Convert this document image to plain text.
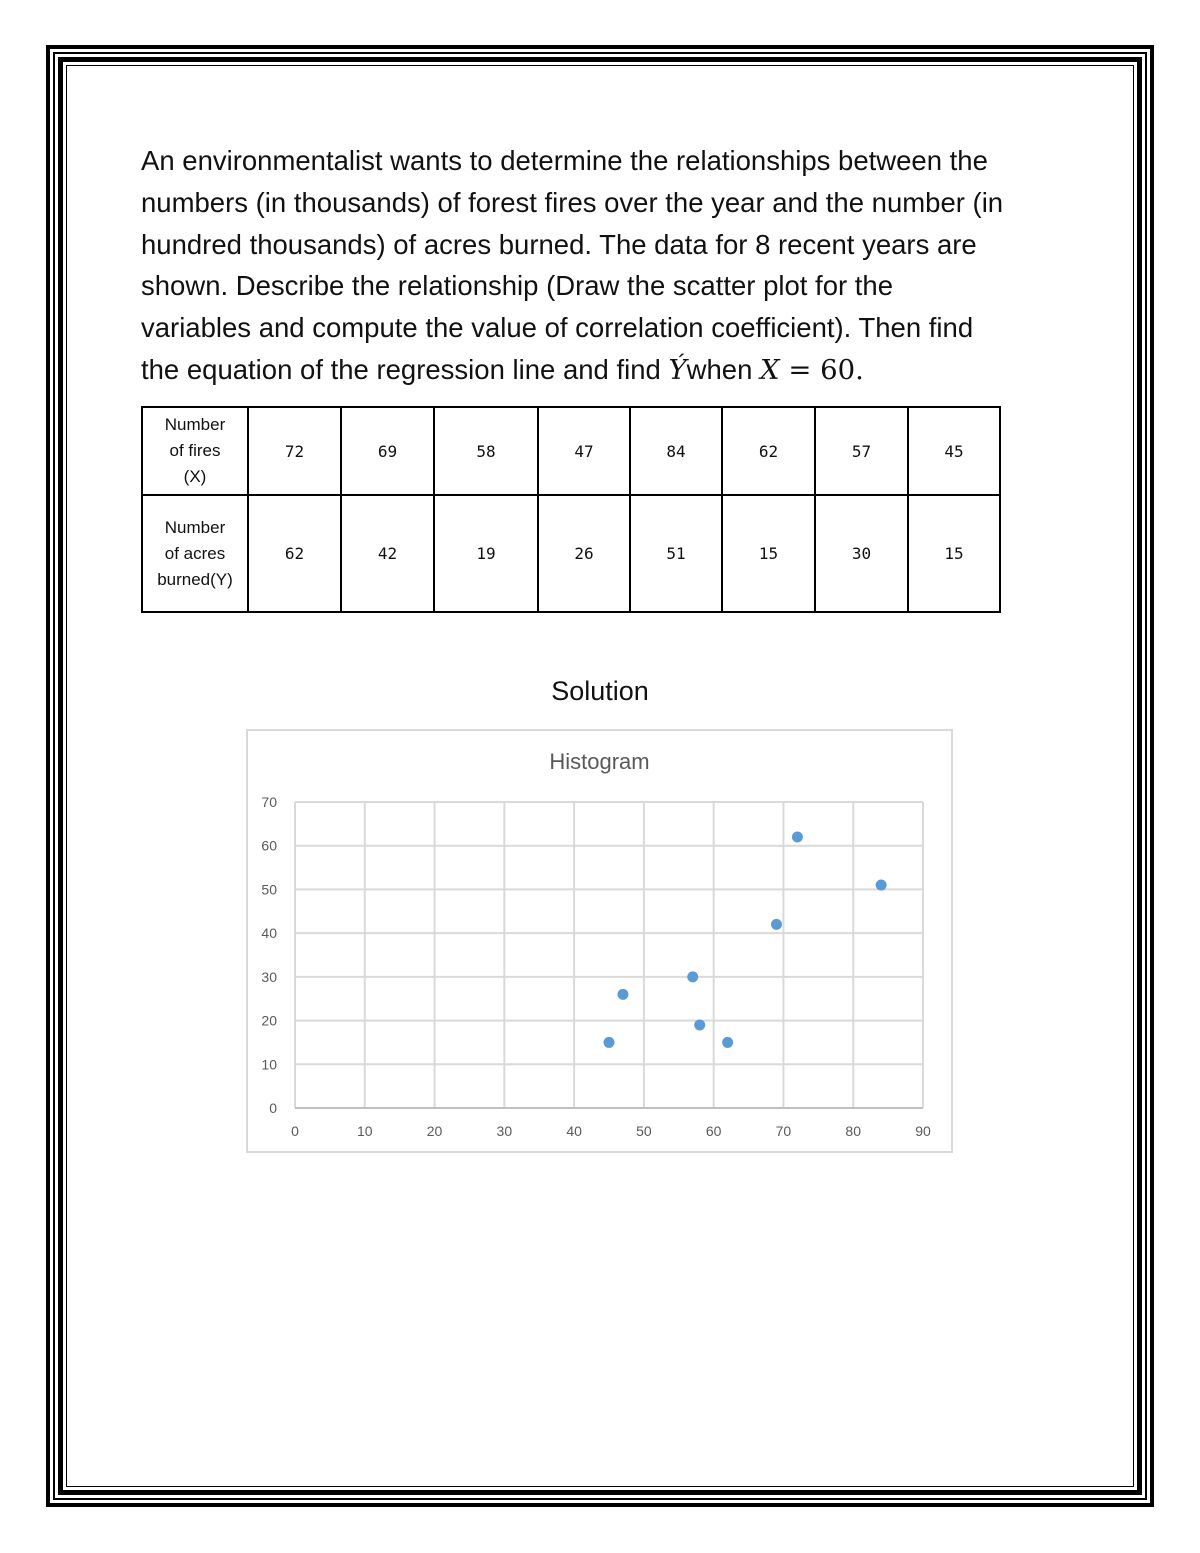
An environmentalist wants to determine the relationships between the
numbers (in thousands) of forest fires over the year and the number (in
hundred thousands) of acres burned. The data for 8 recent years are
shown. Describe the relationship (Draw the scatter plot for the
variables and compute the value of correlation coefficient). Then find
the equation of the regression line and find Ýwhen X = 60.
Number
of fires
(X)	72	69	58	47	84	62	57	45

Number
of acres
burned(Y)	62	42	19	26	51	15	30	15
Solution
Histogram
0
10
20
30
40
50
60
70
0	10	20	30	40	50	60	70	80	90
